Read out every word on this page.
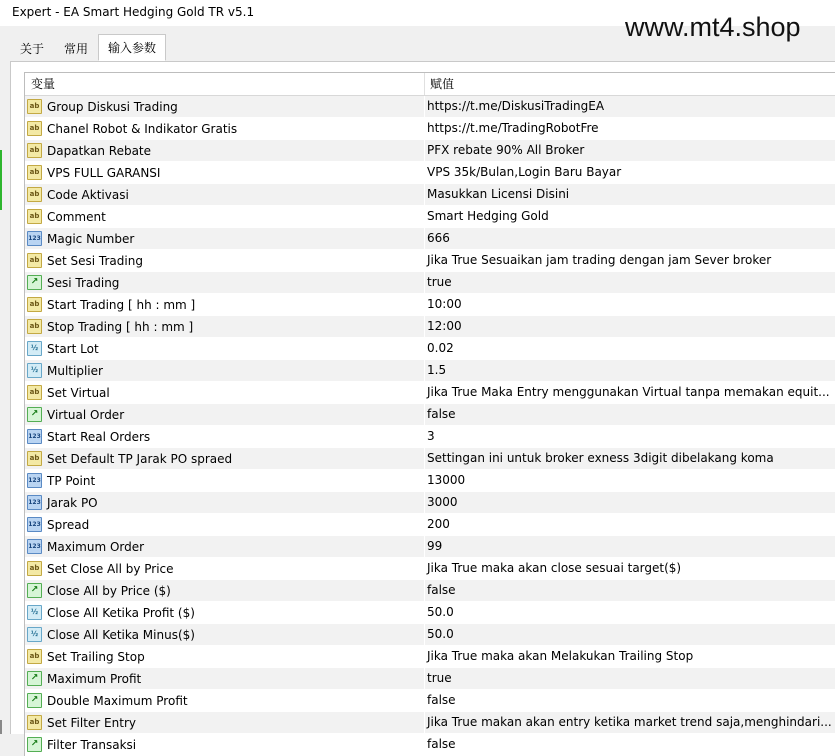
Expert - EA Smart Hedging Gold TR v5.1	www.mt4.shop
关于	常用	输入参数
变量	赋值
ab Group Diskusi Trading	https://t.me/DiskusiTradingEA
ab Chanel Robot & Indikator Gratis	https://t.me/TradingRobotFre
ab Dapatkan Rebate	PFX rebate 90% All Broker
ab VPS FULL GARANSI	VPS 35k/Bulan,Login Baru Bayar
ab Code Aktivasi	Masukkan Licensi Disini
ab Comment	Smart Hedging Gold
123 Magic Number	666
ab Set Sesi Trading	Jika True Sesuaikan jam trading dengan jam Sever broker
↗ Sesi Trading	true
ab Start Trading [ hh : mm ]	10:00
ab Stop Trading [ hh : mm ]	12:00
½ Start Lot	0.02
½ Multiplier	1.5
ab Set Virtual	Jika True Maka Entry menggunakan Virtual tanpa memakan equit...
↗ Virtual Order	false
123 Start Real Orders	3
ab Set Default TP Jarak PO spraed	Settingan ini untuk broker exness 3digit dibelakang koma
123 TP Point	13000
123 Jarak PO	3000
123 Spread	200
123 Maximum Order	99
ab Set Close All by Price	Jika True maka akan close sesuai target($)
↗ Close All by Price ($)	false
½ Close All Ketika Profit ($)	50.0
½ Close All Ketika Minus($)	50.0
ab Set Trailing Stop	Jika True maka akan Melakukan Trailing Stop
↗ Maximum Profit	true
↗ Double Maximum Profit	false
ab Set Filter Entry	Jika True makan akan entry ketika market trend saja,menghindari...
↗ Filter Transaksi	false
